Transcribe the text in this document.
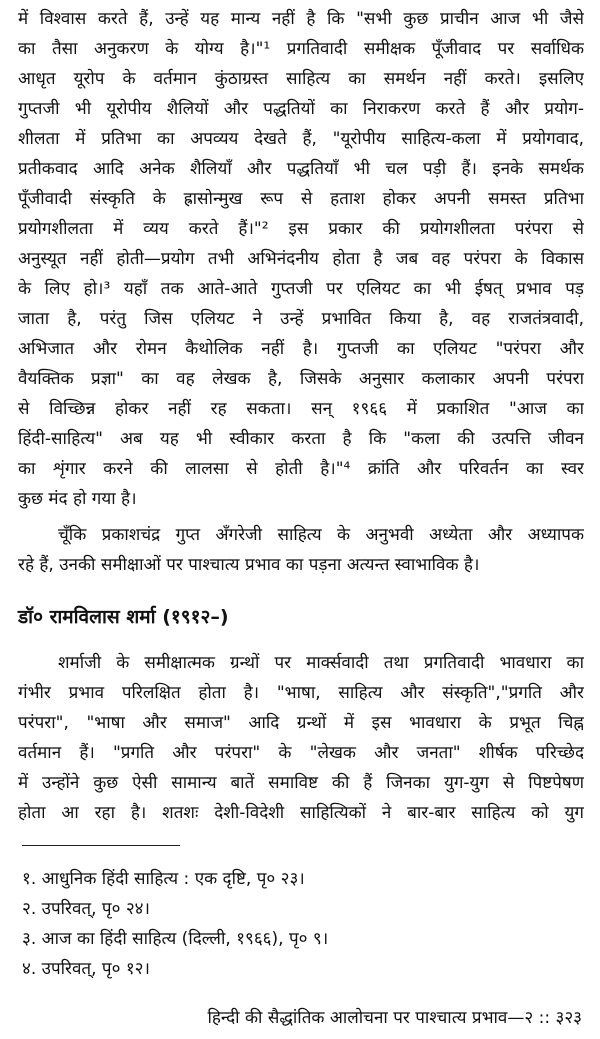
में विश्वास करते हैं, उन्हें यह मान्य नहीं है कि "सभी कुछ प्राचीन आज भी जैसे
का तैसा अनुकरण के योग्य है।"¹ प्रगतिवादी समीक्षक पूँजीवाद पर सर्वाधिक
आधृत यूरोप के वर्तमान कुंठाग्रस्त साहित्य का समर्थन नहीं करते। इसलिए
गुप्तजी भी यूरोपीय शैलियों और पद्धतियों का निराकरण करते हैं और प्रयोग-
शीलता में प्रतिभा का अपव्यय देखते हैं, "यूरोपीय साहित्य-कला में प्रयोगवाद,
प्रतीकवाद आदि अनेक शैलियाँ और पद्धतियाँ भी चल पड़ी हैं। इनके समर्थक
पूँजीवादी संस्कृति के ह्रासोन्मुख रूप से हताश होकर अपनी समस्त प्रतिभा
प्रयोगशीलता में व्यय करते हैं।"² इस प्रकार की प्रयोगशीलता परंपरा से
अनुस्यूत नहीं होती—प्रयोग तभी अभिनंदनीय होता है जब वह परंपरा के विकास
के लिए हो।³ यहाँ तक आते-आते गुप्तजी पर एलियट का भी ईषत् प्रभाव पड़
जाता है, परंतु जिस एलियट ने उन्हें प्रभावित किया है, वह राजतंत्रवादी,
अभिजात और रोमन कैथोलिक नहीं है। गुप्तजी का एलियट "परंपरा और
वैयक्तिक प्रज्ञा" का वह लेखक है, जिसके अनुसार कलाकार अपनी परंपरा
से विच्छिन्न होकर नहीं रह सकता। सन् १९६६ में प्रकाशित "आज का
हिंदी-साहित्य" अब यह भी स्वीकार करता है कि "कला की उत्पत्ति जीवन
का शृंगार करने की लालसा से होती है।"⁴ क्रांति और परिवर्तन का स्वर
कुछ मंद हो गया है।
चूँकि प्रकाशचंद्र गुप्त अँगरेजी साहित्य के अनुभवी अध्येता और अध्यापक
रहे हैं, उनकी समीक्षाओं पर पाश्चात्य प्रभाव का पड़ना अत्यन्त स्वाभाविक है।
डॉ० रामविलास शर्मा (१९१२–)
शर्माजी के समीक्षात्मक ग्रन्थों पर मार्क्सवादी तथा प्रगतिवादी भावधारा का
गंभीर प्रभाव परिलक्षित होता है। "भाषा, साहित्य और संस्कृति","प्रगति और
परंपरा", "भाषा और समाज" आदि ग्रन्थों में इस भावधारा के प्रभूत चिह्न
वर्तमान हैं। "प्रगति और परंपरा" के "लेखक और जनता" शीर्षक परिच्छेद
में उन्होंने कुछ ऐसी सामान्य बातें समाविष्ट की हैं जिनका युग-युग से पिष्टपेषण
होता आ रहा है। शतशः देशी-विदेशी साहित्यिकों ने बार-बार साहित्य को युग
१. आधुनिक हिंदी साहित्य : एक दृष्टि, पृ० २३।
२. उपरिवत्, पृ० २४।
३. आज का हिंदी साहित्य (दिल्ली, १९६६), पृ० ९।
४. उपरिवत्, पृ० १२।
हिन्दी की सैद्धांतिक आलोचना पर पाश्चात्य प्रभाव—२ :: ३२३
